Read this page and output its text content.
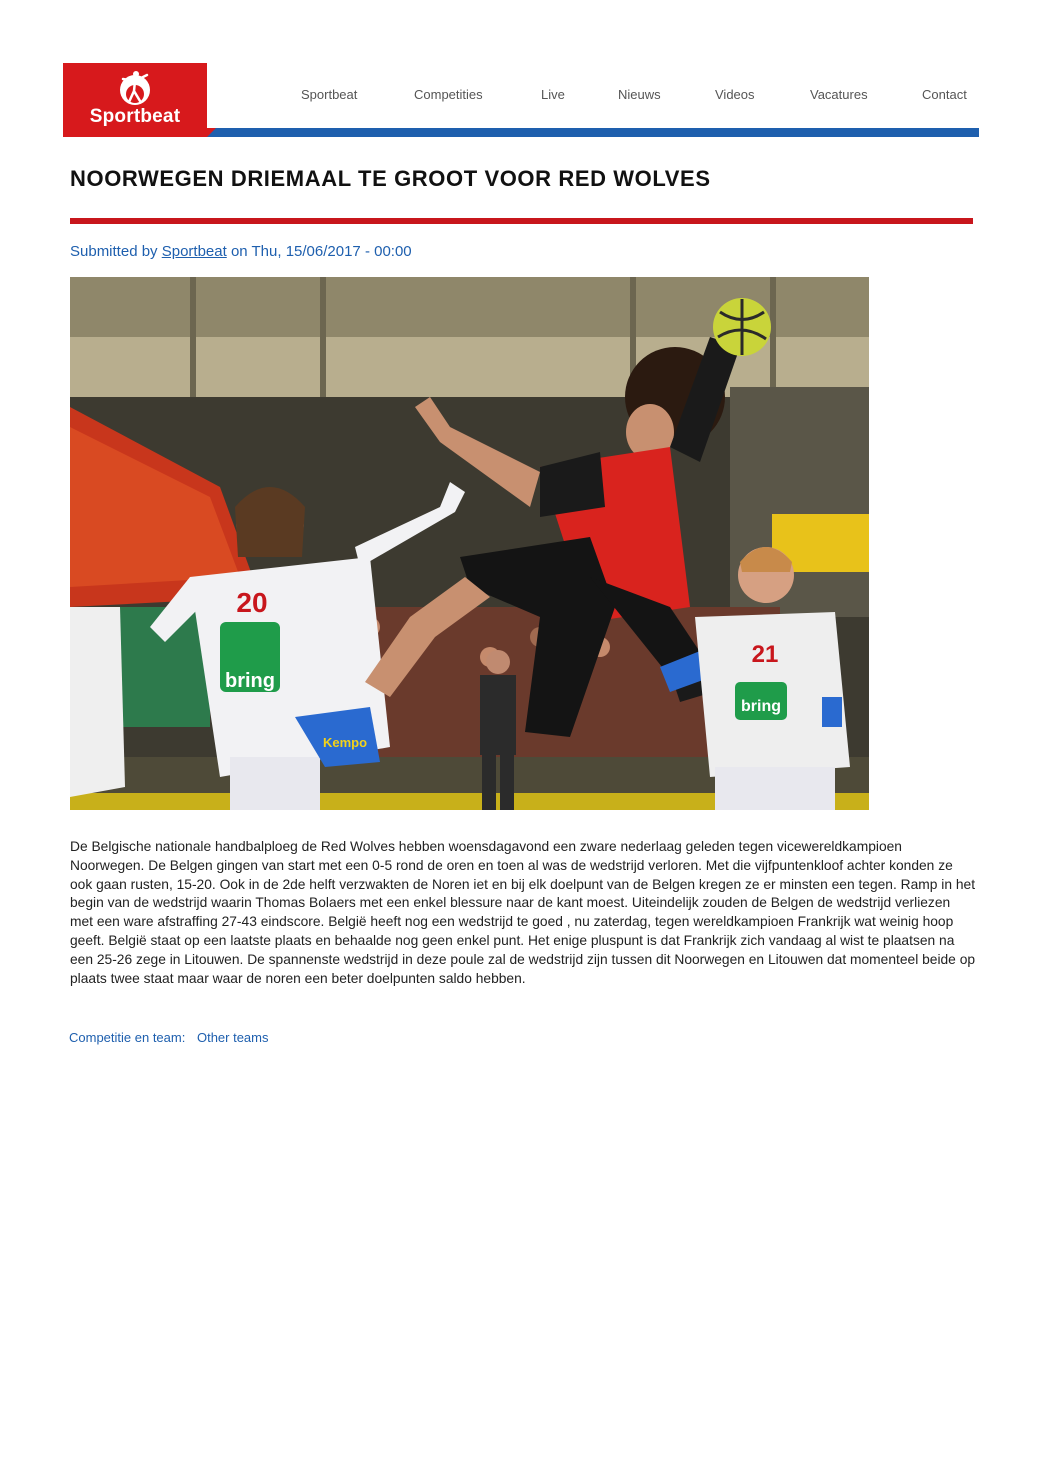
Sportbeat
Sportbeat	Competities	Live	Nieuws	Videos	Vacatures	Contact
NOORWEGEN DRIEMAAL TE GROOT VOOR RED WOLVES
Submitted by Sportbeat on Thu, 15/06/2017 - 00:00
bring
20
Kempo
21
bring

De Belgische nationale handbalploeg de Red Wolves hebben woensdagavond een zware nederlaag geleden tegen vicewereldkampioen Noorwegen. De Belgen gingen van start met een 0-5 rond de oren en toen al was de wedstrijd verloren. Met die vijfpuntenkloof achter konden ze ook gaan rusten, 15-20. Ook in de 2de helft verzwakten de Noren iet en bij elk doelpunt van de Belgen kregen ze er minsten een tegen. Ramp in het begin van de wedstrijd waarin Thomas Bolaers met een enkel blessure naar de kant moest. Uiteindelijk zouden de Belgen de wedstrijd verliezen met een ware afstraffing 27-43 eindscore. België heeft nog een wedstrijd te goed , nu zaterdag, tegen wereldkampioen Frankrijk wat weinig hoop geeft. België staat op een laatste plaats en behaalde nog geen enkel punt. Het enige pluspunt is dat Frankrijk zich vandaag al wist te plaatsen na een 25-26 zege in Litouwen. De spannenste wedstrijd in deze poule zal de wedstrijd zijn tussen dit Noorwegen en Litouwen dat momenteel beide op plaats twee staat maar waar de noren een beter doelpunten saldo hebben.

Competitie en team: Other teams
